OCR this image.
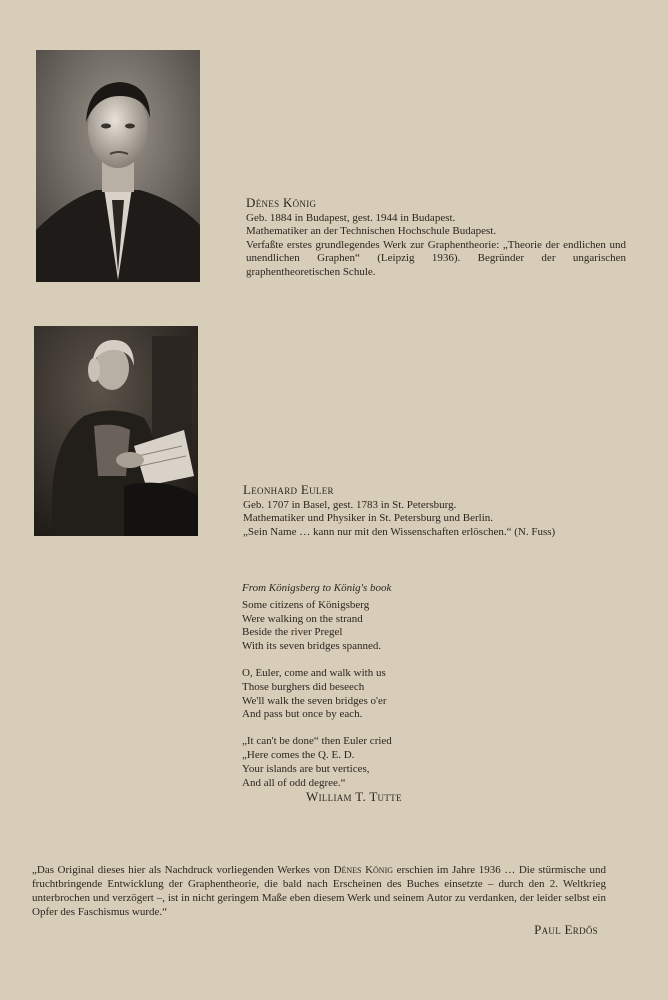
Dénes König

Geb. 1884 in Budapest, gest. 1944 in Budapest.

Mathematiker an der Technischen Hochschule Budapest.

Verfaßte erstes grundlegendes Werk zur Graphentheorie: „Theorie der endlichen und unendlichen Graphen“ (Leipzig 1936). Begründer der ungarischen graphentheoretischen Schule.

Leonhard Euler

Geb. 1707 in Basel, gest. 1783 in St. Petersburg.

Mathematiker und Physiker in St. Petersburg und Berlin.

„Sein Name … kann nur mit den Wissenschaften erlöschen.“ (N. Fuss)

From Königsberg to König's book
Some citizens of Königsberg
Were walking on the strand
Beside the river Pregel
With its seven bridges spanned.
O, Euler, come and walk with us
Those burghers did beseech
We'll walk the seven bridges o'er
And pass but once by each.
„It can't be done“ then Euler cried
„Here comes the Q. E. D.
Your islands are but vertices,
And all of odd degree.“
William T. Tutte
„Das Original dieses hier als Nachdruck vorliegenden Werkes von Dénes König erschien im Jahre 1936 … Die stürmische und fruchtbringende Entwicklung der Graphentheorie, die bald nach Erscheinen des Buches einsetzte – durch den 2. Weltkrieg unterbrochen und verzögert –, ist in nicht geringem Maße eben diesem Werk und seinem Autor zu verdanken, der leider selbst ein Opfer des Faschismus wurde.“
Paul Erdős
